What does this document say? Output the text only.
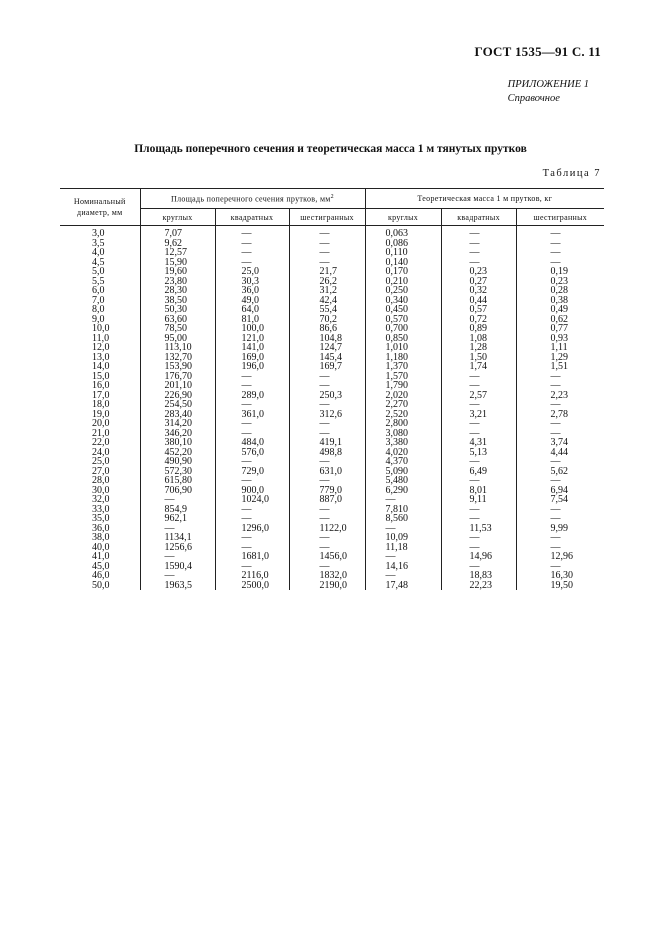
ГОСТ 1535—91 С. 11
ПРИЛОЖЕНИЕ 1
Справочное
Площадь поперечного сечения и теоретическая масса 1 м тянутых прутков
Таблица 7
Номинальный
диаметр, мм	Площадь поперечного сечения прутков, $мм^2$			Теоретическая масса 1 м прутков, кг		
	круглых	квадратных	шестигранных	круглых	квадратных	шестигранных
3,0	7,07	—	—	0,063	—	—
3,5	9,62	—	—	0,086	—	—
4,0	12,57	—	—	0,110	—	—
4,5	15,90	—	—	0,140	—	—
5,0	19,60	25,0	21,7	0,170	0,23	0,19
5,5	23,80	30,3	26,2	0,210	0,27	0,23
6,0	28,30	36,0	31,2	0,250	0,32	0,28
7,0	38,50	49,0	42,4	0,340	0,44	0,38
8,0	50,30	64,0	55,4	0,450	0,57	0,49
9,0	63,60	81,0	70,2	0,570	0,72	0,62
10,0	78,50	100,0	86,6	0,700	0,89	0,77
11,0	95,00	121,0	104,8	0,850	1,08	0,93
12,0	113,10	141,0	124,7	1,010	1,28	1,11
13,0	132,70	169,0	145,4	1,180	1,50	1,29
14,0	153,90	196,0	169,7	1,370	1,74	1,51
15,0	176,70	—	—	1,570	—	—
16,0	201,10	—	—	1,790	—	—
17,0	226,90	289,0	250,3	2,020	2,57	2,23
18,0	254,50	—	—	2,270	—	—
19,0	283,40	361,0	312,6	2,520	3,21	2,78
20,0	314,20	—	—	2,800	—	—
21,0	346,20	—	—	3,080	—	—
22,0	380,10	484,0	419,1	3,380	4,31	3,74
24,0	452,20	576,0	498,8	4,020	5,13	4,44
25,0	490,90	—	—	4,370	—	—
27,0	572,30	729,0	631,0	5,090	6,49	5,62
28,0	615,80	—	—	5,480	—	—
30,0	706,90	900,0	779,0	6,290	8,01	6,94
32,0	—	1024,0	887,0	—	9,11	7,54
33,0	854,9	—	—	7,810	—	—
35,0	962,1	—	—	8,560	—	—
36,0	—	1296,0	1122,0	—	11,53	9,99
38,0	1134,1	—	—	10,09	—	—
40,0	1256,6	—	—	11,18	—	—
41,0	—	1681,0	1456,0	—	14,96	12,96
45,0	1590,4	—	—	14,16	—	—
46,0	—	2116,0	1832,0	—	18,83	16,30
50,0	1963,5	2500,0	2190,0	17,48	22,23	19,50
